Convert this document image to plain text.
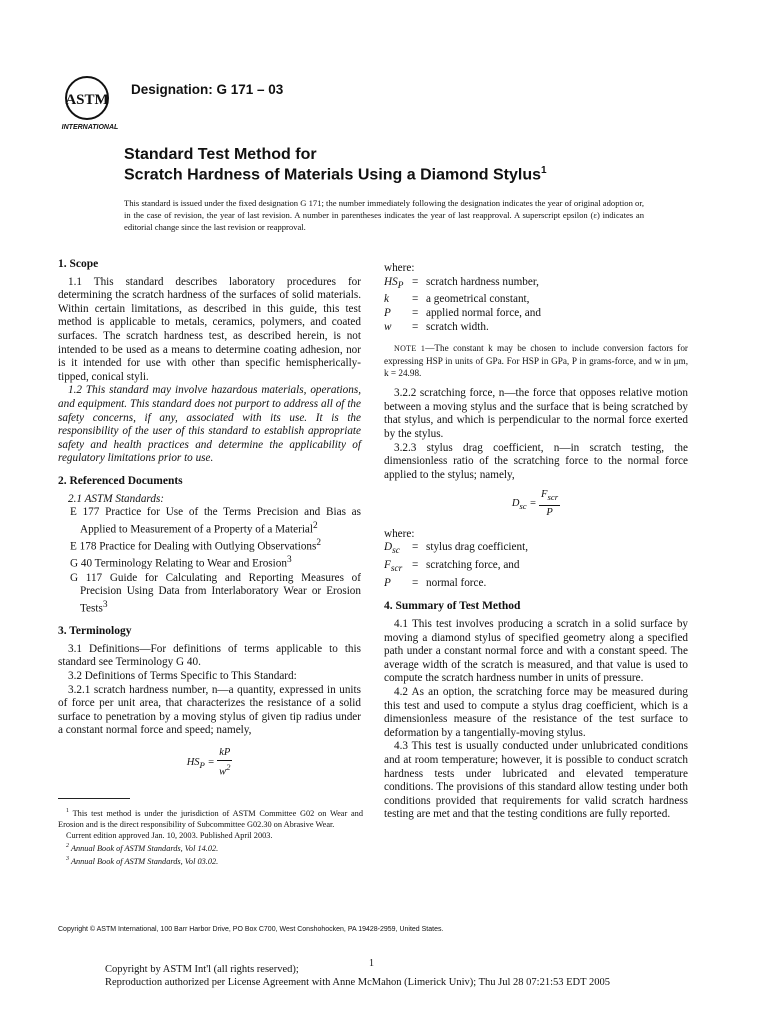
ASTM
INTERNATIONAL
Designation: G 171 – 03
Standard Test Method for
Scratch Hardness of Materials Using a Diamond Stylus$^1$
This standard is issued under the fixed designation G 171; the number immediately following the designation indicates the year of original adoption or, in the case of revision, the year of last revision. A number in parentheses indicates the year of last reapproval. A superscript epsilon (ε) indicates an editorial change since the last revision or reapproval.

1. Scope

1.1 This standard describes laboratory procedures for determining the scratch hardness of the surfaces of solid materials. Within certain limitations, as described in this guide, this test method is applicable to metals, ceramics, polymers, and coated surfaces. The scratch hardness test, as described herein, is not intended to be used as a means to determine coating adhesion, nor is it intended for use with other than specific hemispherically-tipped, conical styli.

1.2 This standard may involve hazardous materials, operations, and equipment. This standard does not purport to address all of the safety concerns, if any, associated with its use. It is the responsibility of the user of this standard to establish appropriate safety and health practices and determine the applicability of regulatory limitations prior to use.

2. Referenced Documents

2.1 ASTM Standards:

E 177 Practice for Use of the Terms Precision and Bias as Applied to Measurement of a Property of a Material$^2$

E 178 Practice for Dealing with Outlying Observations$^2$

G 40 Terminology Relating to Wear and Erosion$^3$

G 117 Guide for Calculating and Reporting Measures of Precision Using Data from Interlaboratory Wear or Erosion Tests$^3$

3. Terminology

3.1 Definitions—For definitions of terms applicable to this standard see Terminology G 40.

3.2 Definitions of Terms Specific to This Standard:

3.2.1 scratch hardness number, n—a quantity, expressed in units of force per unit area, that characterizes the resistance of a solid surface to penetration by a moving stylus of given tip radius under a constant normal force and speed; namely,

$HS_P = \frac{kP}{w^2}$

$^1$ This test method is under the jurisdiction of ASTM Committee G02 on Wear and Erosion and is the direct responsibility of Subcommittee G02.30 on Abrasive Wear.

Current edition approved Jan. 10, 2003. Published April 2003.

$^2$ Annual Book of ASTM Standards, Vol 14.02.

$^3$ Annual Book of ASTM Standards, Vol 03.02.

where:

$HS_P$ = scratch hardness number,
k	= a geometrical constant,
P	= applied normal force, and
w	= scratch width.

NOTE 1—The constant k may be chosen to include conversion factors for expressing HSP in units of GPa. For HSP in GPa, P in grams-force, and w in μm, k = 24.98.

3.2.2 scratching force, n—the force that opposes relative motion between a moving stylus and the surface that is being scratched by that stylus, and which is perpendicular to the normal force exerted by the stylus.

3.2.3 stylus drag coefficient, n—in scratch testing, the dimensionless ratio of the scratching force to the normal force applied to the stylus; namely,

$D_{sc}$ =
$F_{scr}$
P

where:

$D_{sc}$	= stylus drag coefficient,
$F_{scr}$ = scratching force, and
P	= normal force.

4. Summary of Test Method

4.1 This test involves producing a scratch in a solid surface by moving a diamond stylus of specified geometry along a specified path under a constant normal force and with a constant speed. The average width of the scratch is measured, and that value is used to compute the scratch hardness number in units of pressure.

4.2 As an option, the scratching force may be measured during this test and used to compute a stylus drag coefficient, which is a dimensionless measure of the resistance of the test surface to deformation by a tangentially-moving stylus.

4.3 This test is usually conducted under unlubricated conditions and at room temperature; however, it is possible to conduct scratch hardness tests under lubricated and elevated temperature conditions. The provisions of this standard allow testing under both conditions provided that requirements for valid scratch hardness testing are met and that the testing conditions are fully reported.

Copyright © ASTM International, 100 Barr Harbor Drive, PO Box C700, West Conshohocken, PA 19428-2959, United States.
1
Copyright by ASTM Int'l (all rights reserved);
Reproduction authorized per License Agreement with Anne McMahon (Limerick Univ); Thu Jul 28 07:21:53 EDT 2005
